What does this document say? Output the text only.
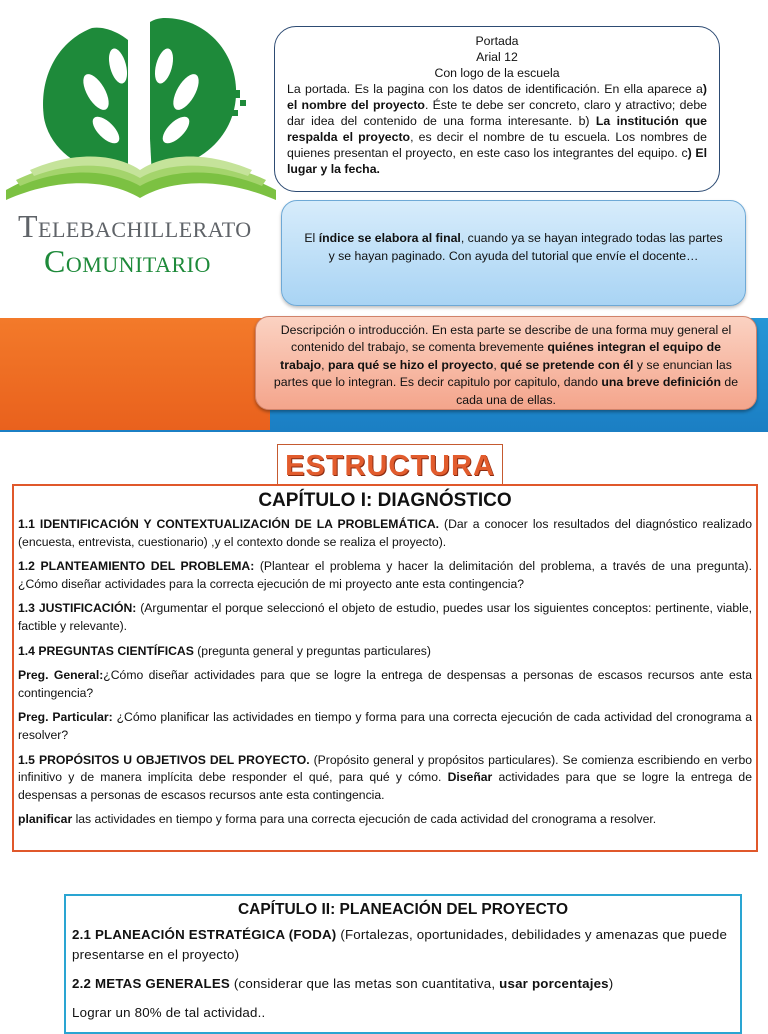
Telebachillerato
Comunitario
Portada
Arial 12
Con logo de la escuela
La portada. Es la pagina con los datos de identificación. En ella aparece a) el nombre del proyecto. Éste te debe ser concreto, claro y atractivo; debe dar idea del contenido de una forma interesante. b) La institución que respalda el proyecto, es decir el nombre de tu escuela. Los nombres de quienes presentan el proyecto, en este caso los integrantes del equipo. c) El lugar y la fecha.
El índice se elabora al final, cuando ya se hayan integrado todas las partes y se hayan paginado. Con ayuda del tutorial que envíe el docente…
Descripción o introducción. En esta parte se describe de una forma muy general el contenido del trabajo, se comenta brevemente quiénes integran el equipo de trabajo, para qué se hizo el proyecto, qué se pretende con él y se enuncian las partes que lo integran. Es decir capitulo por capitulo, dando una breve definición de cada una de ellas.
ESTRUCTURA
CAPÍTULO I: DIAGNÓSTICO

1.1 IDENTIFICACIÓN Y CONTEXTUALIZACIÓN DE LA PROBLEMÁTICA. (Dar a conocer los resultados del diagnóstico realizado (encuesta, entrevista, cuestionario) ,y el contexto donde se realiza el proyecto).

1.2 PLANTEAMIENTO DEL PROBLEMA: (Plantear el problema y hacer la delimitación del problema, a través de una pregunta). ¿Cómo diseñar actividades para la correcta ejecución de mi proyecto ante esta contingencia?

1.3 JUSTIFICACIÓN: (Argumentar el porque seleccionó el objeto de estudio, puedes usar los siguientes conceptos: pertinente, viable, factible y relevante).

1.4 PREGUNTAS CIENTÍFICAS (pregunta general y preguntas particulares)

Preg. General:¿Cómo diseñar actividades para que se logre la entrega de despensas a personas de escasos recursos ante esta contingencia?

Preg. Particular: ¿Cómo planificar las actividades en tiempo y forma para una correcta ejecución de cada actividad del cronograma a resolver?

1.5 PROPÓSITOS U OBJETIVOS DEL PROYECTO. (Propósito general y propósitos particulares). Se comienza escribiendo en verbo infinitivo y de manera implícita debe responder el qué, para qué y cómo. Diseñar actividades para que se logre la entrega de despensas a personas de escasos recursos ante esta contingencia.

planificar las actividades en tiempo y forma para una correcta ejecución de cada actividad del cronograma a resolver.

CAPÍTULO II: PLANEACIÓN DEL PROYECTO

2.1 PLANEACIÓN ESTRATÉGICA (FODA) (Fortalezas, oportunidades, debilidades y amenazas que puede presentarse en el proyecto)

2.2 METAS GENERALES (considerar que las metas son cuantitativa, usar porcentajes)

Lograr un 80% de tal actividad..
